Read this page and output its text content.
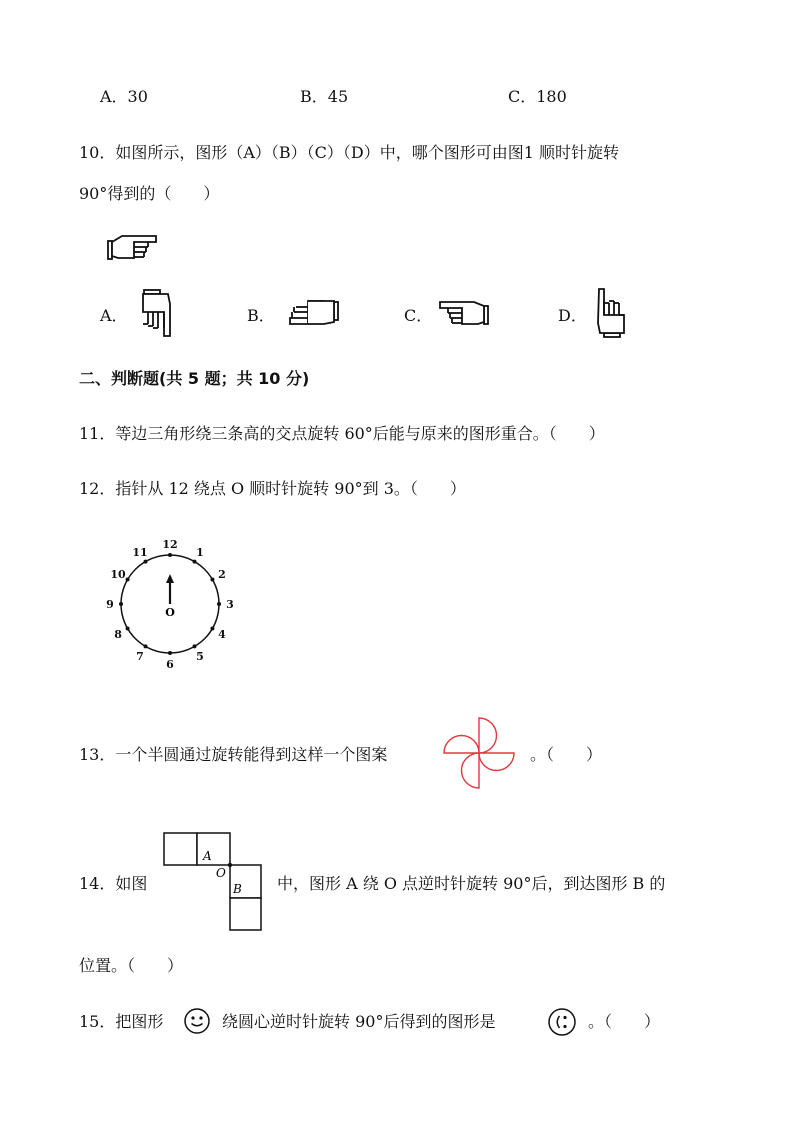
A．30	B．45	C．180
10．如图所示，图形（A）（B）（C）（D）中，哪个图形可由图1 顺时针旋转
90°得到的（　　）
A．	B．	C．	D．
二、判断题(共 5 题；共 10 分)
11．等边三角形绕三条高的交点旋转 60°后能与原来的图形重合。（　　）
12．指针从 12 绕点 O 顺时针旋转 90°到 3。（　　）
12
1
2
3
4
5
6
7
8
9
10
11
O
13．一个半圆通过旋转能得到这样一个图案	。（　　）
14．如图
A
O
B 中，图形 A 绕 O 点逆时针旋转 90°后，到达图形 B 的
位置。（　　）
15．把图形	绕圆心逆时针旋转 90°后得到的图形是	。（　　）
